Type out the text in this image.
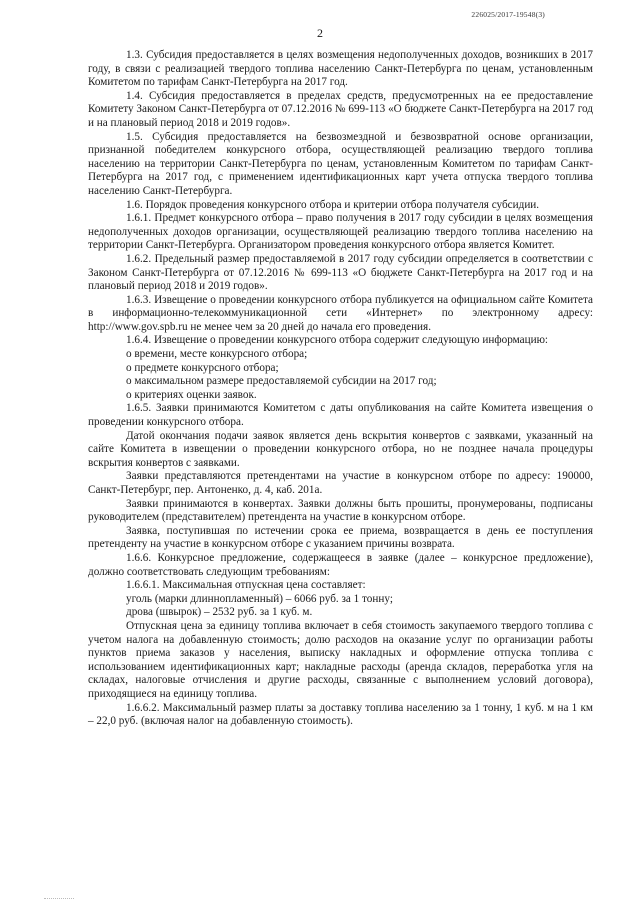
226025/2017-19548(3)
2

1.3. Субсидия предоставляется в целях возмещения недополученных доходов, возникших в 2017 году, в связи с реализацией твердого топлива населению Санкт-Петербурга по ценам, установленным Комитетом по тарифам Санкт-Петербурга на 2017 год.

1.4. Субсидия предоставляется в пределах средств, предусмотренных на ее предоставление Комитету Законом Санкт-Петербурга от 07.12.2016 № 699-113 «О бюджете Санкт-Петербурга на 2017 год и на плановый период 2018 и 2019 годов».

1.5. Субсидия предоставляется на безвозмездной и безвозвратной основе организации, признанной победителем конкурсного отбора, осуществляющей реализацию твердого топлива населению на территории Санкт-Петербурга по ценам, установленным Комитетом по тарифам Санкт-Петербурга на 2017 год, с применением идентификационных карт учета отпуска твердого топлива населению Санкт-Петербурга.

1.6. Порядок проведения конкурсного отбора и критерии отбора получателя субсидии.

1.6.1. Предмет конкурсного отбора – право получения в 2017 году субсидии в целях возмещения недополученных доходов организации, осуществляющей реализацию твердого топлива населению на территории Санкт-Петербурга. Организатором проведения конкурсного отбора является Комитет.

1.6.2. Предельный размер предоставляемой в 2017 году субсидии определяется в соответствии с Законом Санкт-Петербурга от 07.12.2016 № 699-113 «О бюджете Санкт-Петербурга на 2017 год и на плановый период 2018 и 2019 годов».

1.6.3. Извещение о проведении конкурсного отбора публикуется на официальном сайте Комитета в информационно-телекоммуникационной сети «Интернет» по электронному адресу: http://www.gov.spb.ru не менее чем за 20 дней до начала его проведения.

1.6.4. Извещение о проведении конкурсного отбора содержит следующую информацию:

о времени, месте конкурсного отбора;

о предмете конкурсного отбора;

о максимальном размере предоставляемой субсидии на 2017 год;

о критериях оценки заявок.

1.6.5. Заявки принимаются Комитетом с даты опубликования на сайте Комитета извещения о проведении конкурсного отбора.

Датой окончания подачи заявок является день вскрытия конвертов с заявками, указанный на сайте Комитета в извещении о проведении конкурсного отбора, но не позднее начала процедуры вскрытия конвертов с заявками.

Заявки представляются претендентами на участие в конкурсном отборе по адресу: 190000, Санкт-Петербург, пер. Антоненко, д. 4, каб. 201а.

Заявки принимаются в конвертах. Заявки должны быть прошиты, пронумерованы, подписаны руководителем (представителем) претендента на участие в конкурсном отборе.

Заявка, поступившая по истечении срока ее приема, возвращается в день ее поступления претенденту на участие в конкурсном отборе с указанием причины возврата.

1.6.6. Конкурсное предложение, содержащееся в заявке (далее – конкурсное предложение), должно соответствовать следующим требованиям:

1.6.6.1. Максимальная отпускная цена составляет:

уголь (марки длиннопламенный) – 6066 руб. за 1 тонну;

дрова (швырок) – 2532 руб. за 1 куб. м.

Отпускная цена за единицу топлива включает в себя стоимость закупаемого твердого топлива с учетом налога на добавленную стоимость; долю расходов на оказание услуг по организации работы пунктов приема заказов у населения, выписку накладных и оформление отпуска топлива с использованием идентификационных карт; накладные расходы (аренда складов, переработка угля на складах, налоговые отчисления и другие расходы, связанные с выполнением условий договора), приходящиеся на единицу топлива.

1.6.6.2. Максимальный размер платы за доставку топлива населению за 1 тонну, 1 куб. м на 1 км – 22,0 руб. (включая налог на добавленную стоимость).
